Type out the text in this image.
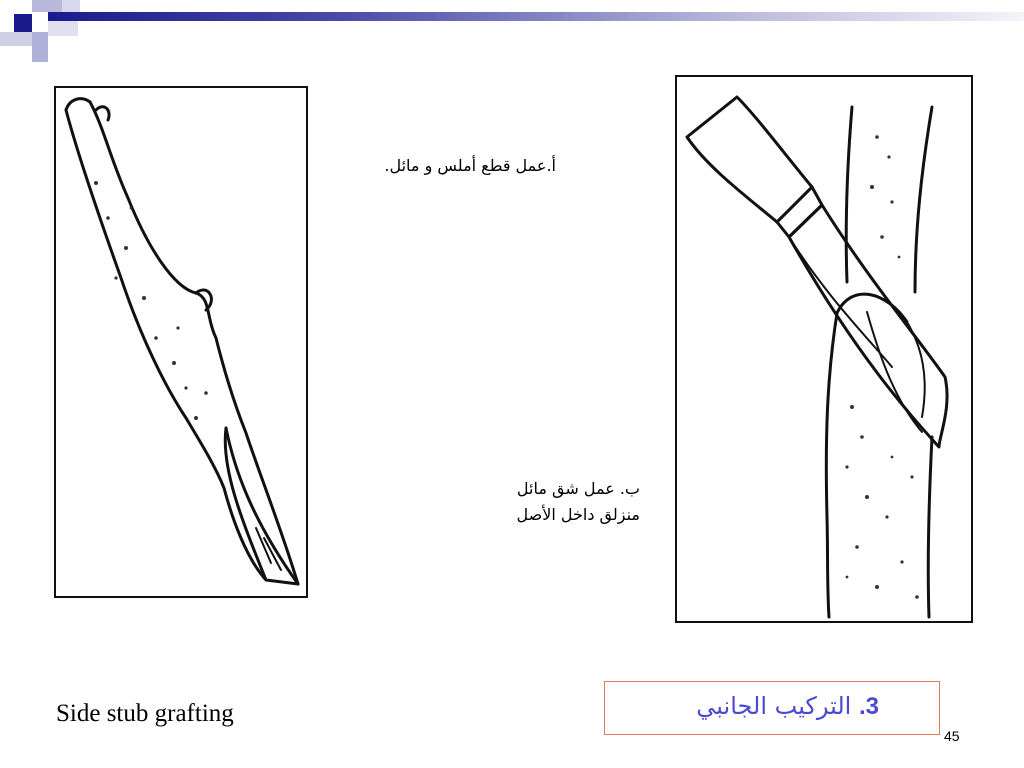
أ.عمل قطع أملس و مائل.
ب. عمل شق مائل
منزلق داخل الأصل
Side stub grafting	3. التركيب الجانبي
45
